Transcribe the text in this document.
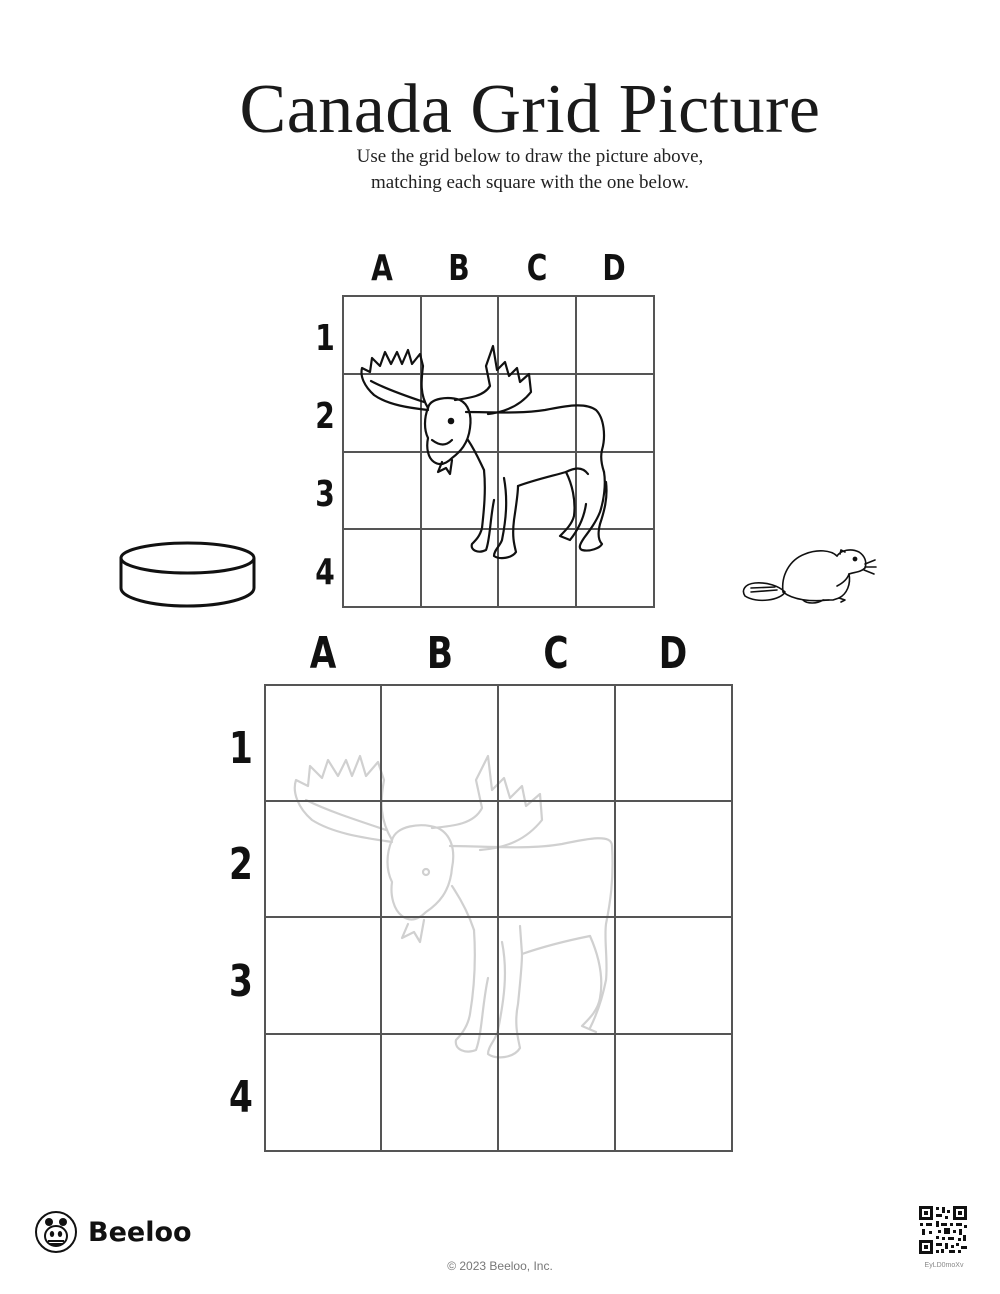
Canada Grid Picture
Use the grid below to draw the picture above,
matching each square with the one below.
A B C D
1
2
3
4
A B C D
1
2
3
4
Beeloo
© 2023 Beeloo, Inc.	EyLD0moXv
